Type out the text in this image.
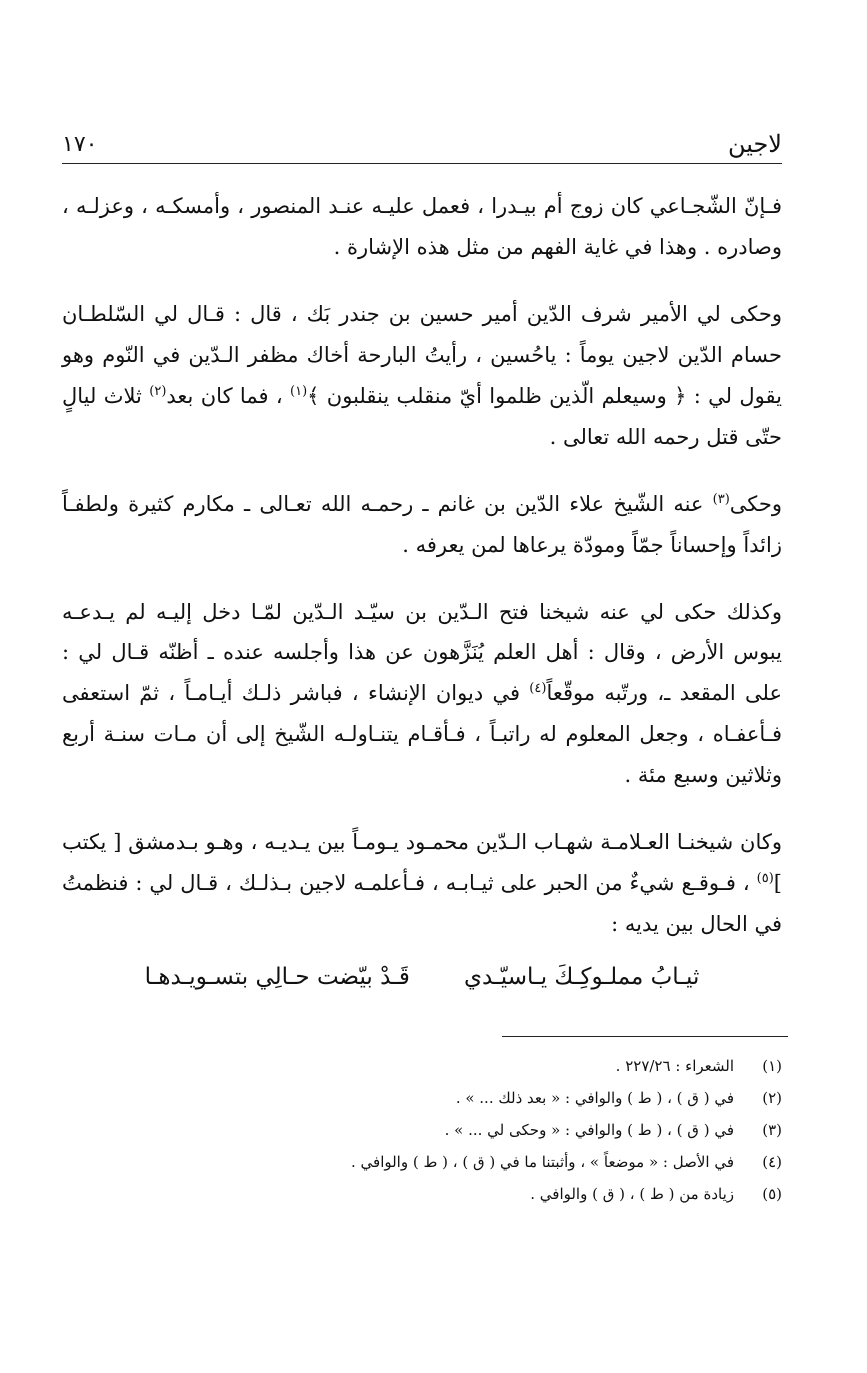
لاجين
١٧٠

فـإنّ الشّجـاعي كان زوج أم بيـدرا ، فعمل عليـه عنـد المنصور ، وأمسكـه ، وعزلـه ، وصادره . وهذا في غاية الفهم من مثل هذه الإشارة .

وحكى لي الأمير شرف الدّين أمير حسين بن جندر بَك ، قال : قـال لي السّلطـان حسام الدّين لاجين يوماً : ياحُسين ، رأيتُ البارحة أخاك مظفر الـدّين في النّوم وهو يقول لي : ﴿ وسيعلم الّذين ظلموا أيّ منقلب ينقلبون ﴾$^{(١)}$ ، فما كان بعد$^{(٢)}$ ثلاث ليالٍ حتّى قتل رحمه الله تعالى .

وحكى$^{(٣)}$ عنه الشّيخ علاء الدّين بن غانم ـ رحمـه الله تعـالى ـ مكارم كثيرة ولطفـاً زائداً وإحساناً جمّاً ومودّة يرعاها لمن يعرفه .

وكذلك حكى لي عنه شيخنا فتح الـدّين بن سيّـد الـدّين لمّـا دخل إليـه لم يـدعـه يبوس الأرض ، وقال : أهل العلم يُنَزَّهون عن هذا وأجلسه عنده ـ أظنّه قـال لي : على المقعد ـ، ورتّبه موقّعاً$^{(٤)}$ في ديوان الإنشاء ، فباشر ذلـك أيـامـاً ، ثمّ استعفى فـأعفـاه ، وجعل المعلوم له راتبـاً ، فـأقـام يتنـاولـه الشّيخ إلى أن مـات سنـة أربع وثلاثين وسبع مئة .

وكان شيخنـا العـلامـة شهـاب الـدّين محمـود يـومـاً بين يـديـه ، وهـو بـدمشق [ يكتب ]$^{(٥)}$ ، فـوقـع شيءٌ من الحبر على ثيـابـه ، فـأعلمـه لاجين بـذلـك ، قـال لي : فنظمتُ في الحال بين يديه :

ثيـابُ مملـوكِـكَ يـاسيّـدي
قَـدْ بيّضت حـالِي بتسـويـدهـا
(١)
الشعراء : ٢٢٧/٢٦ .
(٢)
في ( ق ) ، ( ط ) والوافي : « بعد ذلك ... » .
(٣)
في ( ق ) ، ( ط ) والوافي : « وحكى لي ... » .
(٤)
في الأصل : « موضعاً » ، وأثبتنا ما في ( ق ) ، ( ط ) والوافي .
(٥)
زيادة من ( ط ) ، ( ق ) والوافي .
